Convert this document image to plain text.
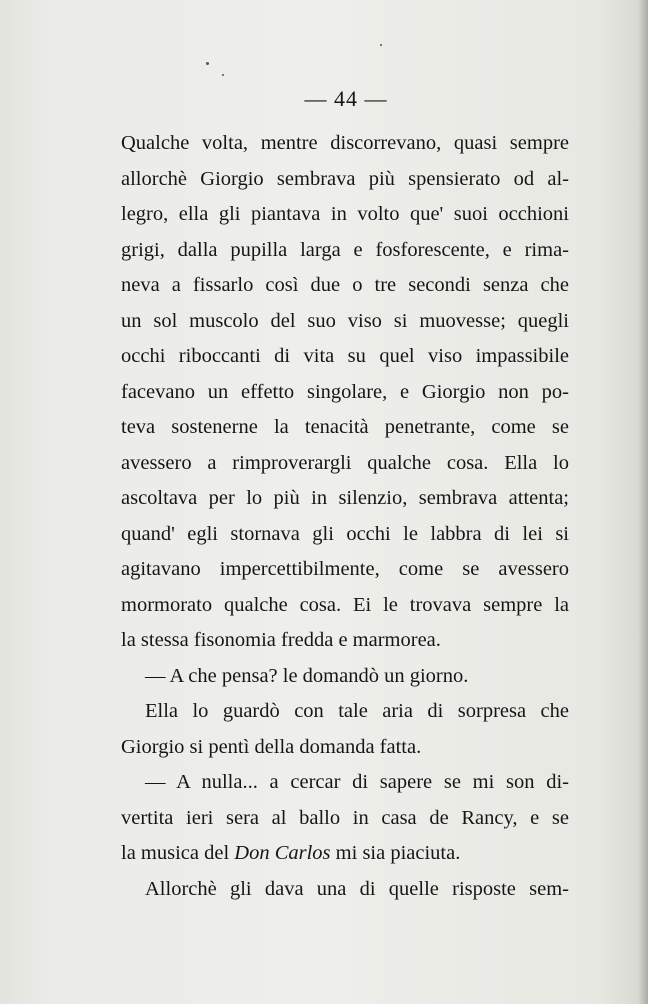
— 44 —
Qualche volta, mentre discorrevano, quasi sempre
allorchè Giorgio sembrava più spensierato od al-
legro, ella gli piantava in volto que' suoi occhioni
grigi, dalla pupilla larga e fosforescente, e rima-
neva a fissarlo così due o tre secondi senza che
un sol muscolo del suo viso si muovesse; quegli
occhi riboccanti di vita su quel viso impassibile
facevano un effetto singolare, e Giorgio non po-
teva sostenerne la tenacità penetrante, come se
avessero a rimproverargli qualche cosa. Ella lo
ascoltava per lo più in silenzio, sembrava attenta;
quand' egli stornava gli occhi le labbra di lei si
agitavano impercettibilmente, come se avessero
mormorato qualche cosa. Ei le trovava sempre la
la stessa fisonomia fredda e marmorea.
— A che pensa? le domandò un giorno.
Ella lo guardò con tale aria di sorpresa che
Giorgio si pentì della domanda fatta.
— A nulla... a cercar di sapere se mi son di-
vertita ieri sera al ballo in casa de Rancy, e se
la musica del Don Carlos mi sia piaciuta.
Allorchè gli dava una di quelle risposte sem-
